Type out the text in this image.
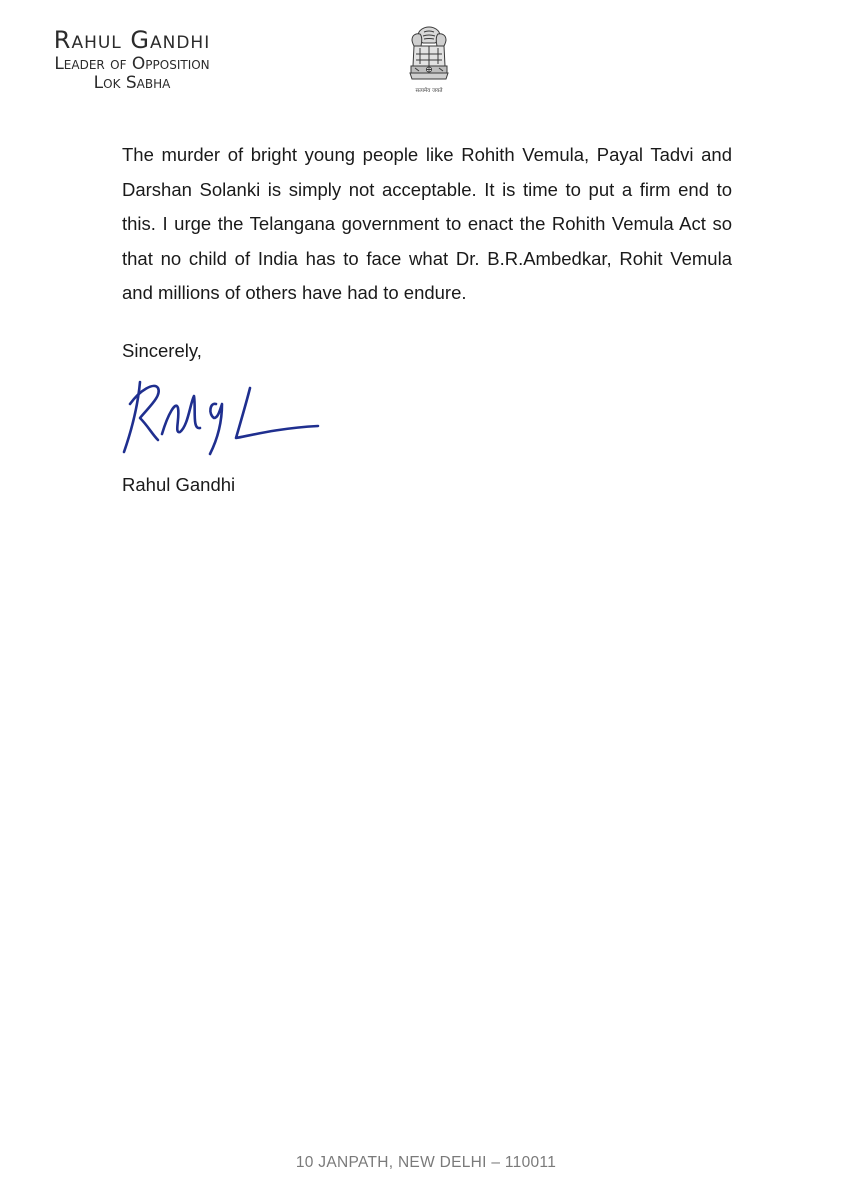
Rahul Gandhi
Leader of Opposition
Lok Sabha	सत्यमेव जयते

The murder of bright young people like Rohith Vemula, Payal Tadvi and Darshan Solanki is simply not acceptable. It is time to put a firm end to this. I urge the Telangana government to enact the Rohith Vemula Act so that no child of India has to face what Dr. B.R.Ambedkar, Rohit Vemula and millions of others have had to endure.

Sincerely,

Rahul Gandhi

10 JANPATH, NEW DELHI – 110011
